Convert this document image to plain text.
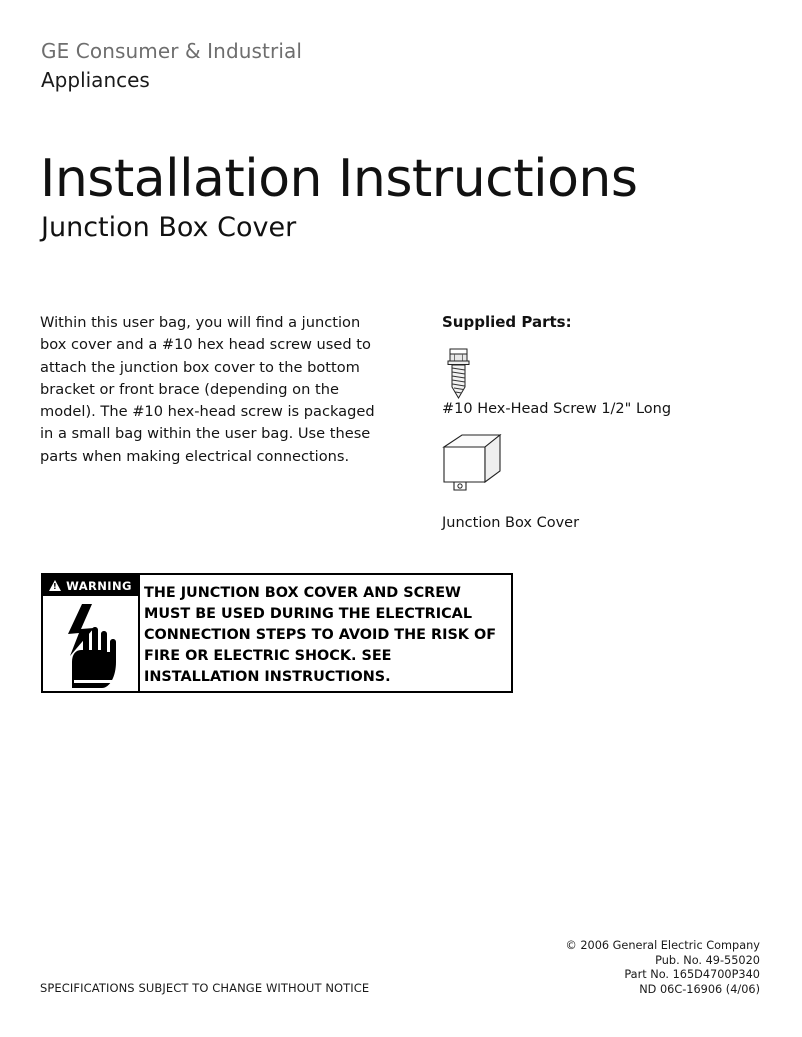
GE Consumer & Industrial
Appliances
Installation Instructions
Junction Box Cover
Within this user bag, you will find a junction box cover and a #10 hex head screw used to attach the junction box cover to the bottom bracket or front brace (depending on the model). The #10 hex-head screw is packaged in a small bag within the user bag. Use these parts when making electrical connections.
Supplied Parts:
#10 Hex-Head Screw 1/2" Long
Junction Box Cover
!
WARNING THE JUNCTION BOX COVER AND SCREW MUST BE USED DURING THE ELECTRICAL CONNECTION STEPS TO AVOID THE RISK OF FIRE OR ELECTRIC SHOCK. SEE INSTALLATION INSTRUCTIONS.
SPECIFICATIONS SUBJECT TO CHANGE WITHOUT NOTICE
© 2006 General Electric Company
Pub. No. 49-55020
Part No. 165D4700P340
ND 06C-16906 (4/06)
